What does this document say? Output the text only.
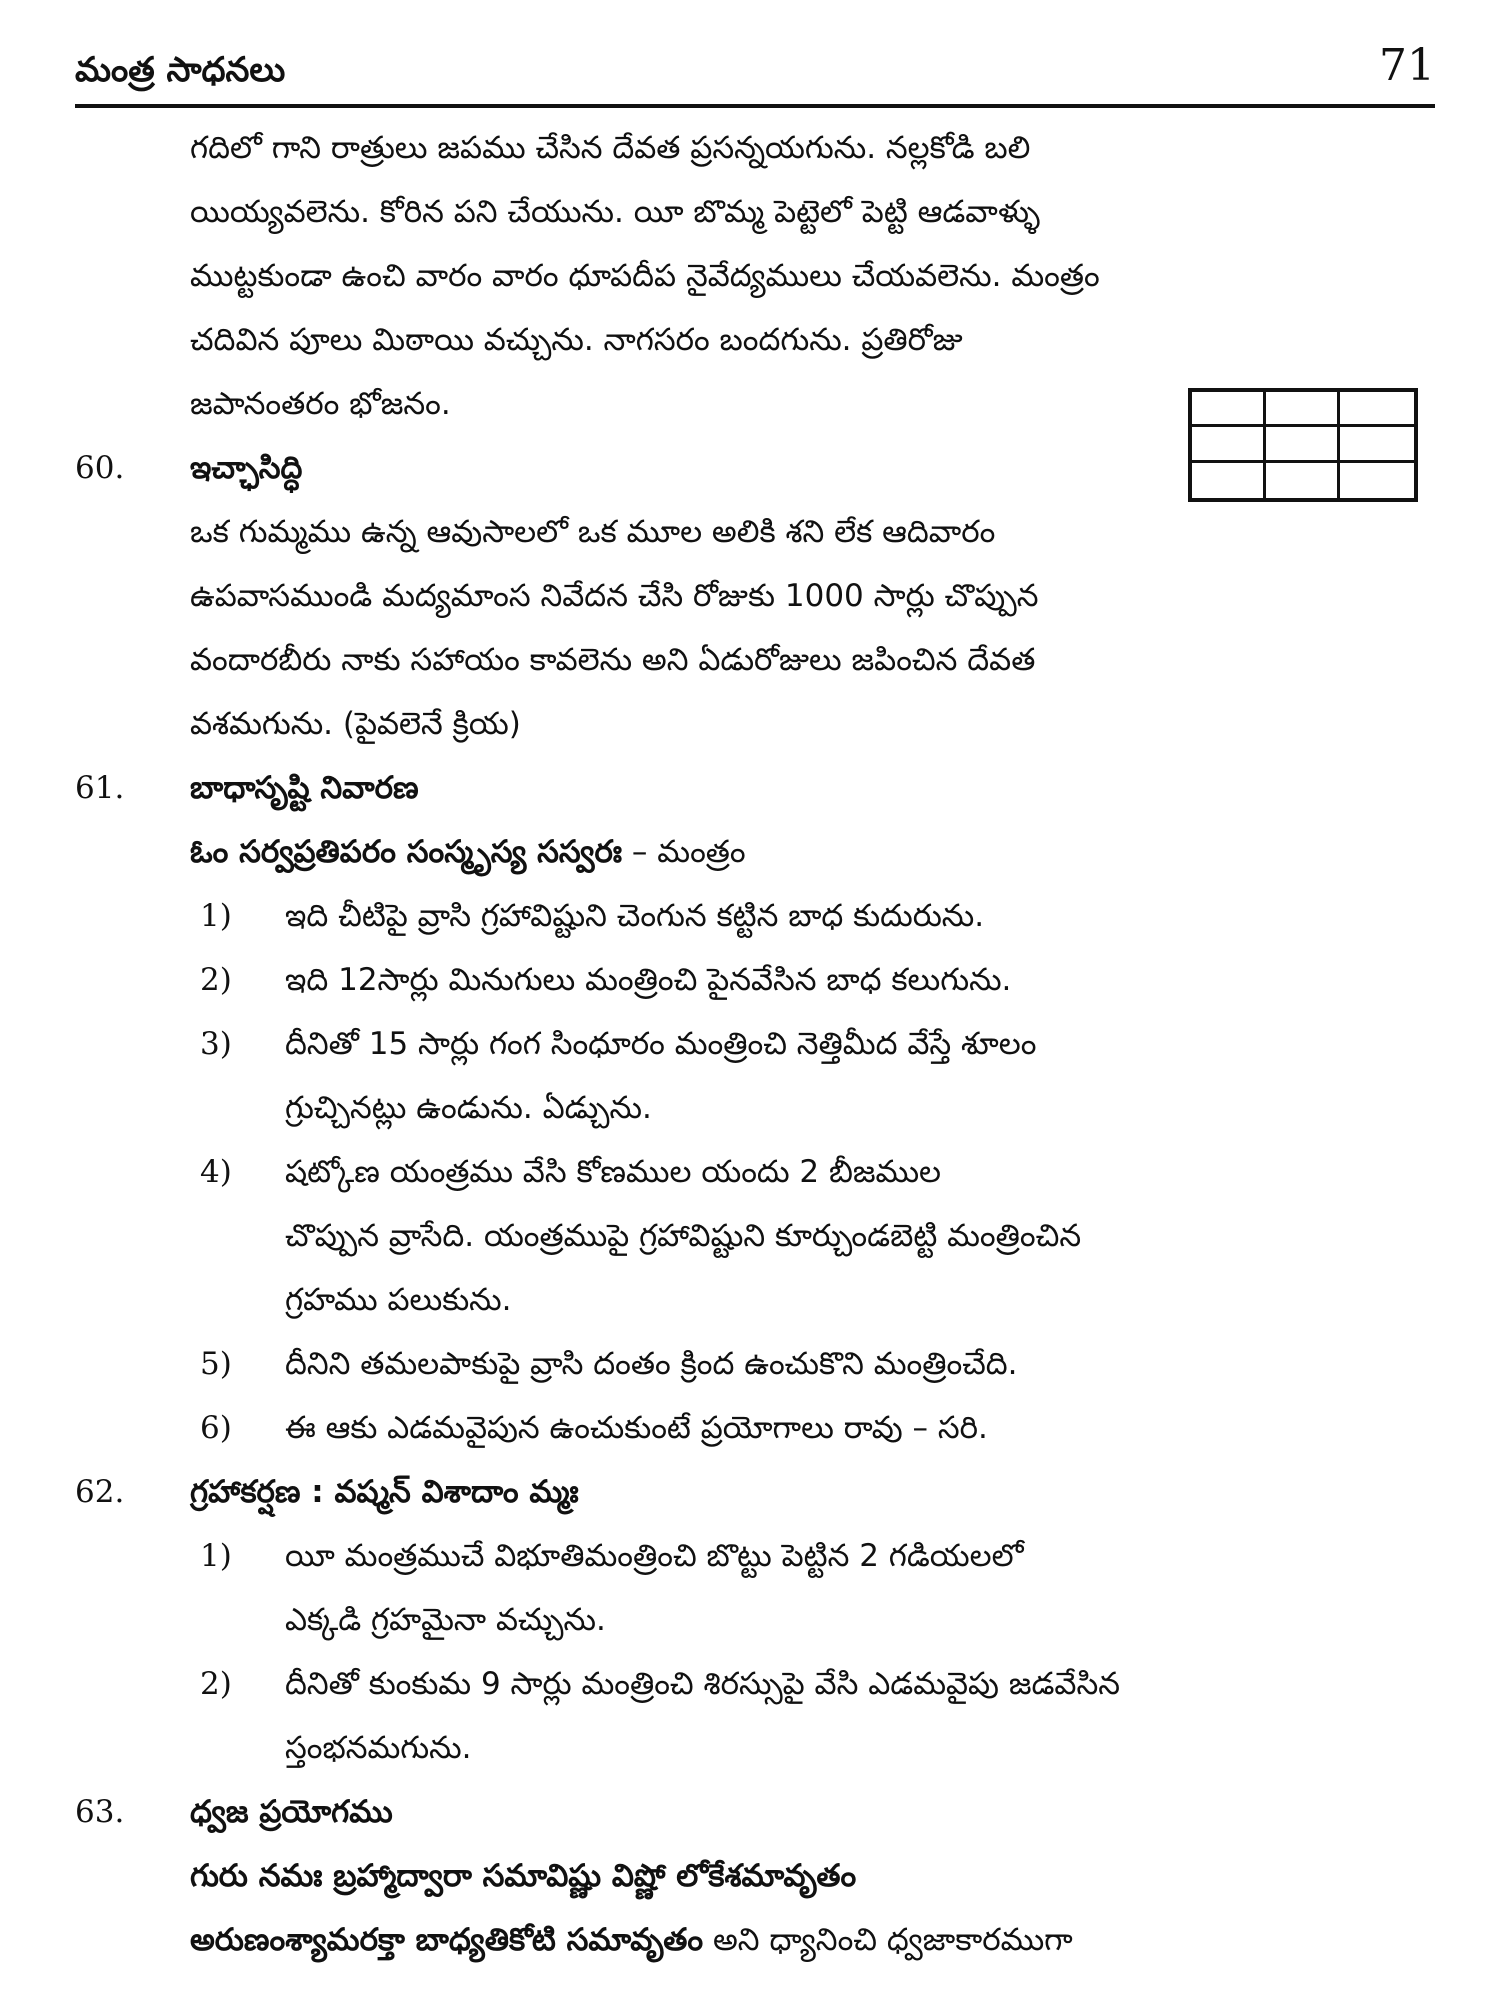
మంత్ర సాధనలు	71
గదిలో గాని రాత్రులు జపము చేసిన దేవత ప్రసన్నయగును. నల్లకోడి బలి
యియ్యవలెను. కోరిన పని చేయును. యీ బొమ్మ పెట్టెలో పెట్టి ఆడవాళ్ళు
ముట్టకుండా ఉంచి వారం వారం ధూపదీప నైవేద్యములు చేయవలెను. మంత్రం
చదివిన పూలు మిఠాయి వచ్చును. నాగసరం బందగును. ప్రతిరోజు
జపానంతరం భోజనం.
60. ఇచ్ఛాసిద్ధి
ఒక గుమ్మము ఉన్న ఆవుసాలలో ఒక మూల అలికి శని లేక ఆదివారం
ఉపవాసముండి మద్యమాంస నివేదన చేసి రోజుకు 1000 సార్లు చొప్పున
వందారబీరు నాకు సహాయం కావలెను అని ఏడురోజులు జపించిన దేవత
వశమగును. (పైవలెనే క్రియ)
61. బాధాసృష్టి నివారణ
ఓం సర్వప్రతిపరం సంస్మృస్య సస్వరః – మంత్రం
1) ఇది చీటిపై వ్రాసి గ్రహావిష్టుని చెంగున కట్టిన బాధ కుదురును.
2) ఇది 12సార్లు మినుగులు మంత్రించి పైనవేసిన బాధ కలుగును.
3) దీనితో 15 సార్లు గంగ సింధూరం మంత్రించి నెత్తిమీద వేస్తే శూలం
గ్రుచ్చినట్లు ఉండును. ఏడ్చును.
4) షట్కోణ యంత్రము వేసి కోణముల యందు 2 బీజముల
చొప్పున వ్రాసేది. యంత్రముపై గ్రహావిష్టుని కూర్చుండబెట్టి మంత్రించిన
గ్రహము పలుకును.
5) దీనిని తమలపాకుపై వ్రాసి దంతం క్రింద ఉంచుకొని మంత్రించేది.
6) ఈ ఆకు ఎడమవైపున ఉంచుకుంటే ప్రయోగాలు రావు – సరి.
62. గ్రహాకర్షణ : వష్మన్ విశాదాం మ్మః
1) యీ మంత్రముచే విభూతిమంత్రించి బొట్టు పెట్టిన 2 గడియలలో
ఎక్కడి గ్రహమైనా వచ్చును.
2) దీనితో కుంకుమ 9 సార్లు మంత్రించి శిరస్సుపై వేసి ఎడమవైపు జడవేసిన
స్తంభనమగును.
63. ధ్వజ ప్రయోగము
గురు నమః బ్రహ్మాద్వారా సమావిష్ణు విష్ణో లోకేశమావృతం
అరుణంశ్యామరక్తా బాధ్యతికోటి సమావృతం అని ధ్యానించి ధ్వజాకారముగా
